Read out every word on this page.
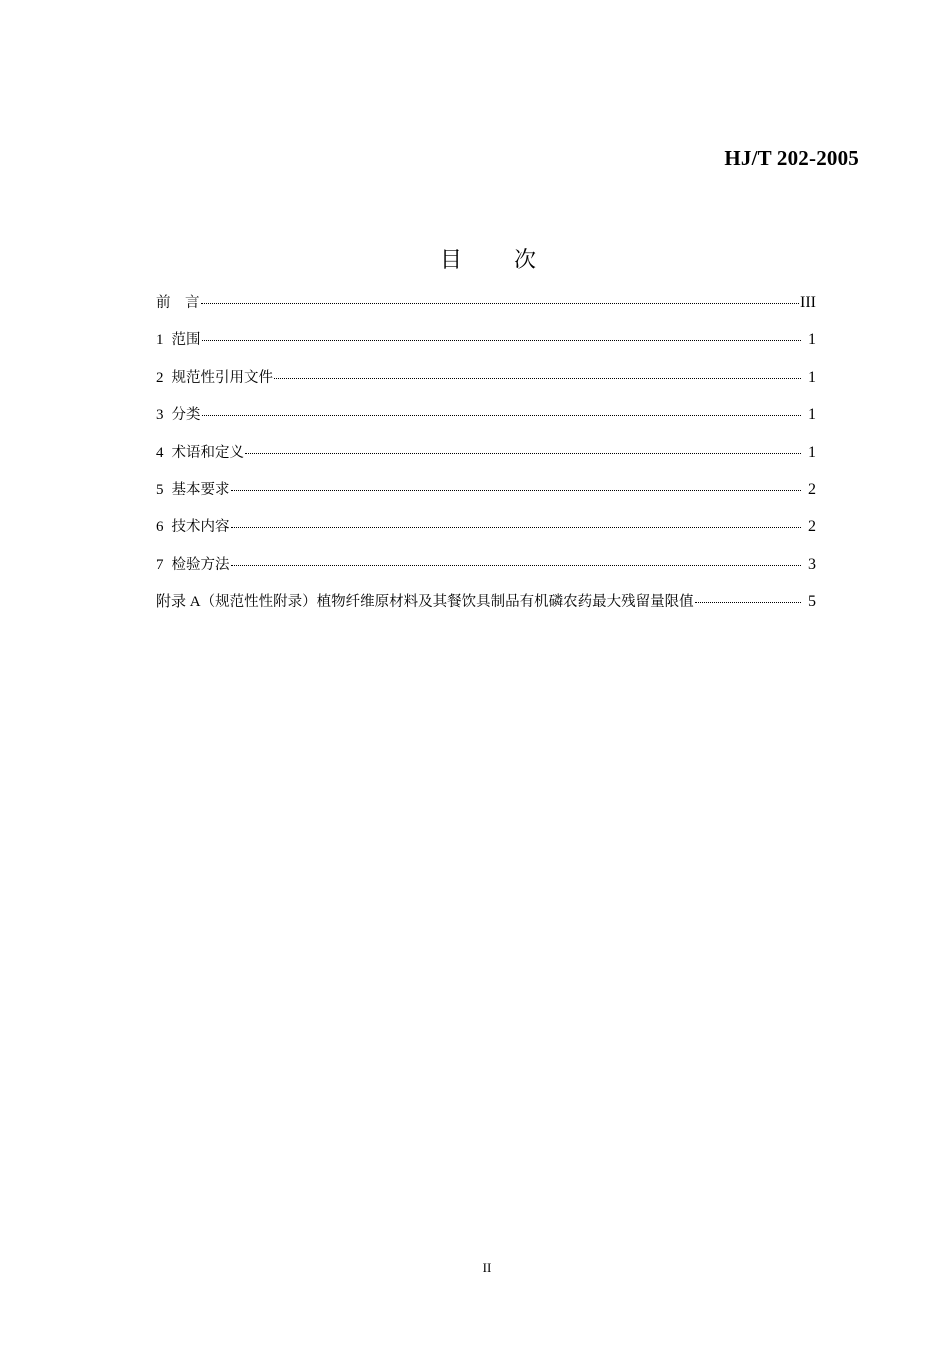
HJ/T 202-2005
目 次
前　言	III
1 范围	1
2 规范性引用文件	1
3 分类	1
4 术语和定义	1
5 基本要求	2
6 技术内容	2
7 检验方法	3
附录 A（规范性性附录）植物纤维原材料及其餐饮具制品有机磷农药最大残留量限值	5
II
